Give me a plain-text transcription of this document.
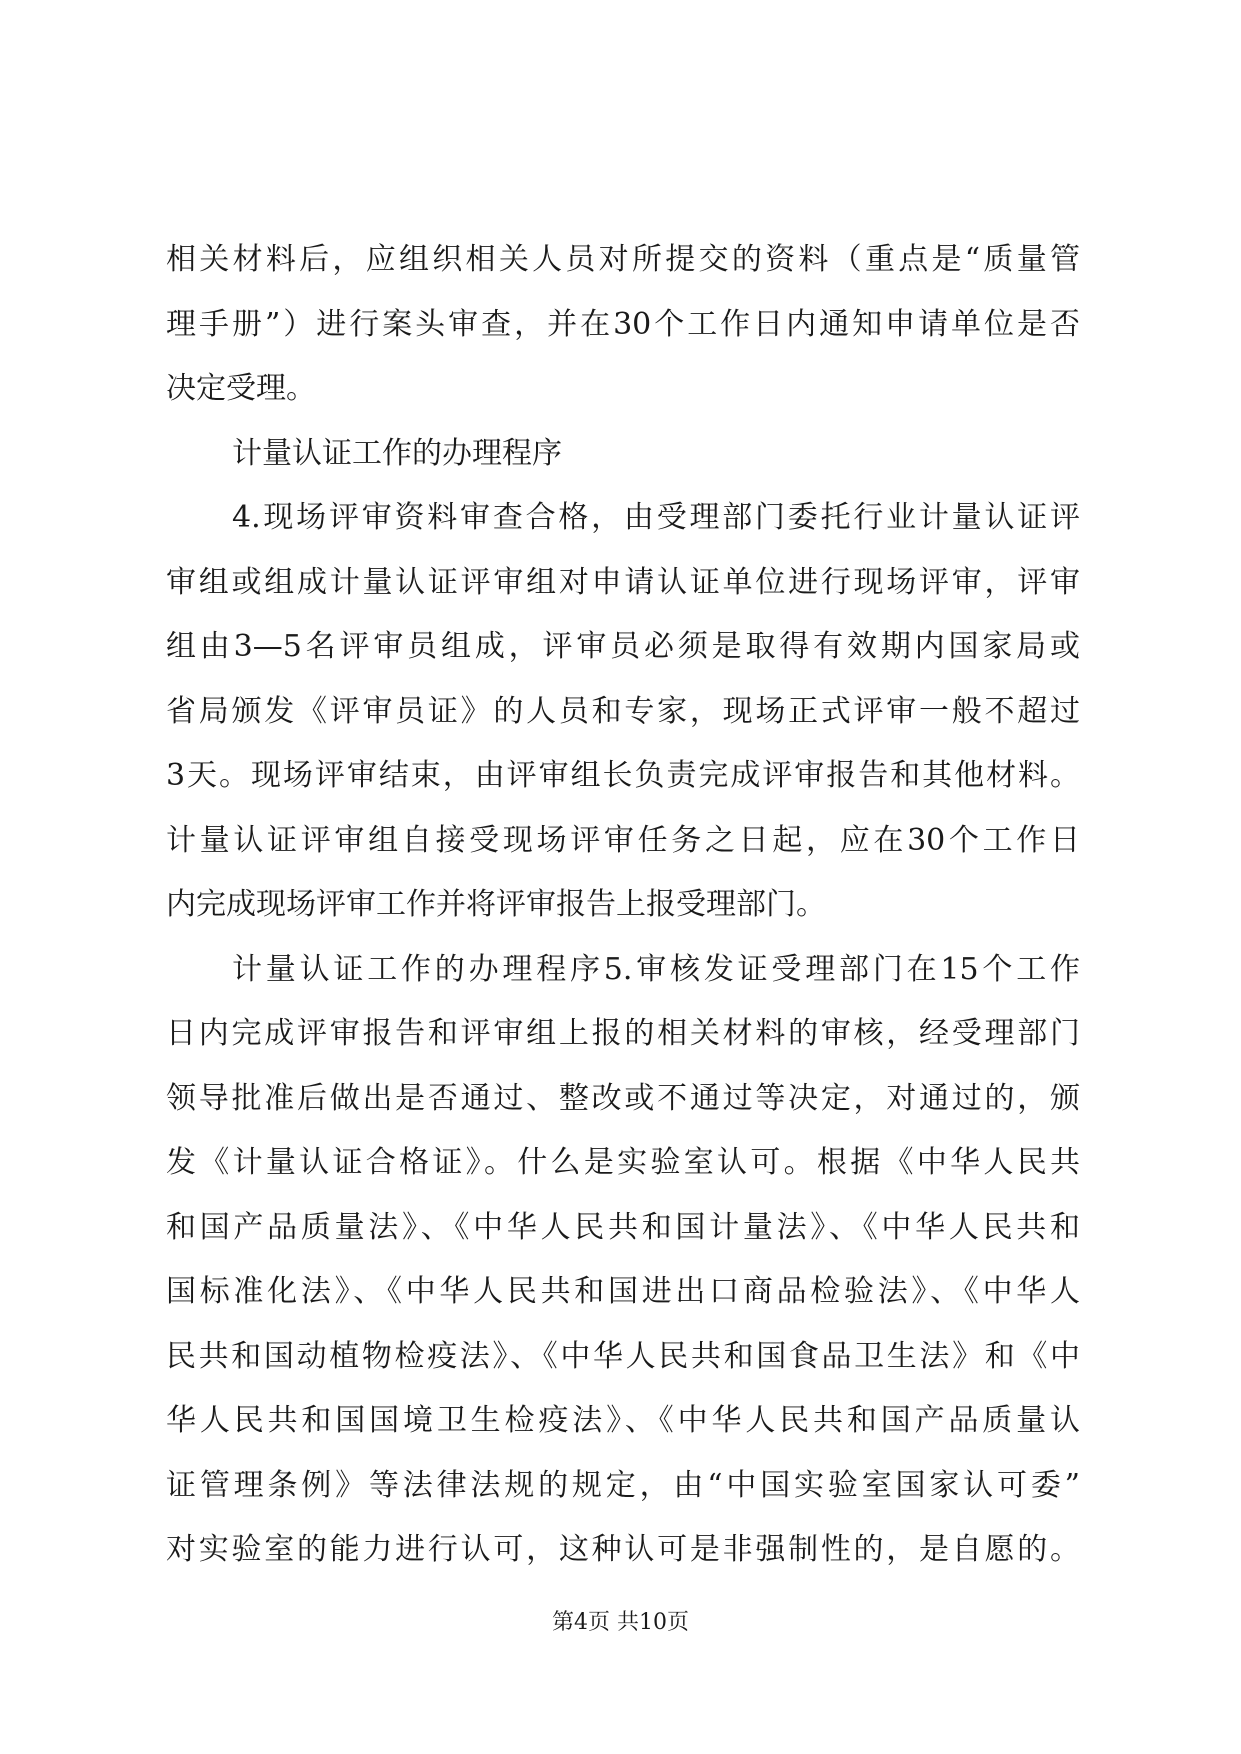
相关材料后，应组织相关人员对所提交的资料（重点是“质量管
理手册”）进行案头审查，并在30个工作日内通知申请单位是否
决定受理。
计量认证工作的办理程序
4.现场评审资料审查合格，由受理部门委托行业计量认证评
审组或组成计量认证评审组对申请认证单位进行现场评审，评审
组由3—5名评审员组成，评审员必须是取得有效期内国家局或
省局颁发《评审员证》的人员和专家，现场正式评审一般不超过
3天。现场评审结束，由评审组长负责完成评审报告和其他材料。
计量认证评审组自接受现场评审任务之日起，应在30个工作日
内完成现场评审工作并将评审报告上报受理部门。
计量认证工作的办理程序5.审核发证受理部门在15个工作
日内完成评审报告和评审组上报的相关材料的审核，经受理部门
领导批准后做出是否通过、整改或不通过等决定，对通过的，颁
发《计量认证合格证》。什么是实验室认可。根据《中华人民共
和国产品质量法》、《中华人民共和国计量法》、《中华人民共和
国标准化法》、《中华人民共和国进出口商品检验法》、《中华人
民共和国动植物检疫法》、《中华人民共和国食品卫生法》和《中
华人民共和国国境卫生检疫法》、《中华人民共和国产品质量认
证管理条例》等法律法规的规定，由“中国实验室国家认可委”
对实验室的能力进行认可，这种认可是非强制性的，是自愿的。
第4页 共10页
